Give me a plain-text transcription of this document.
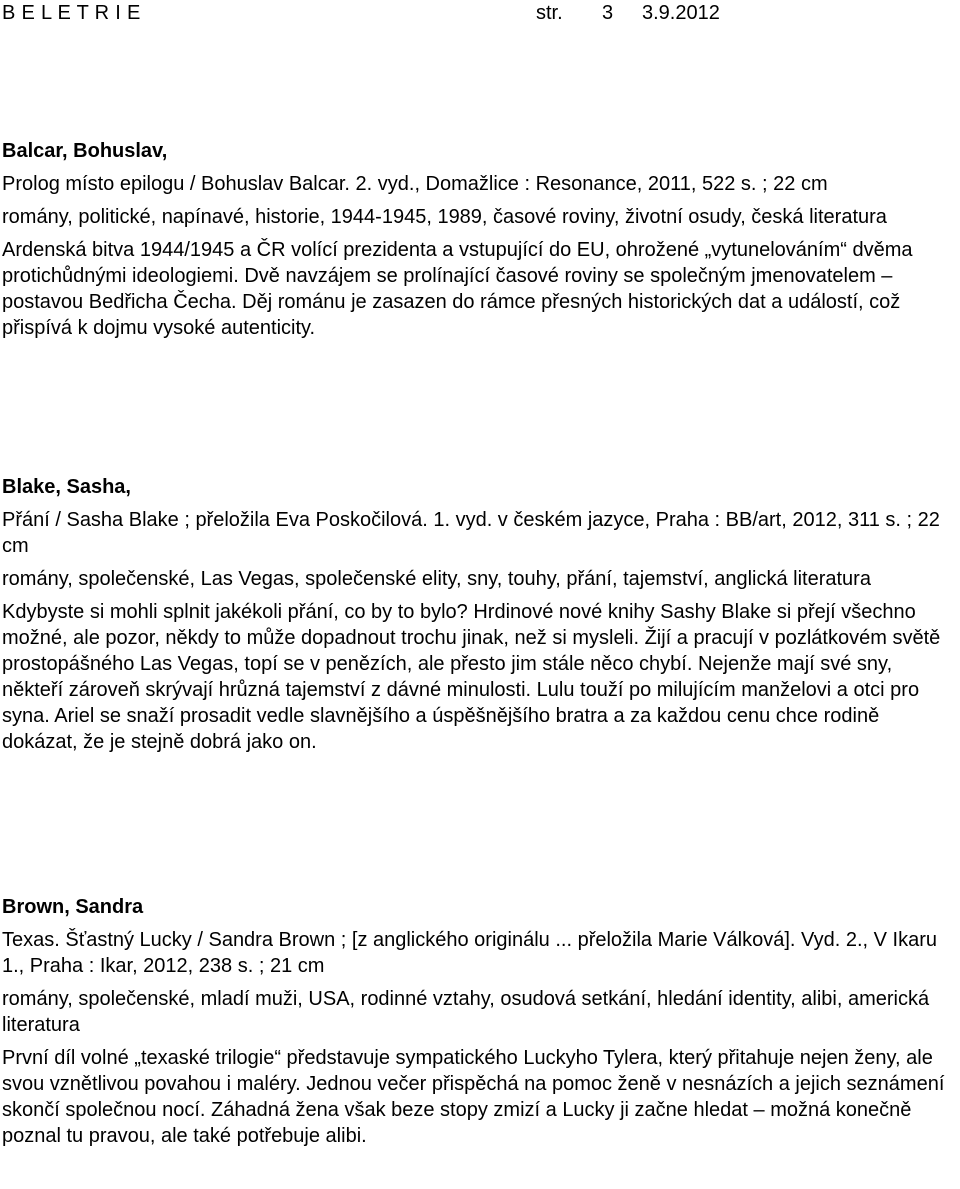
B E L E T R I E

	str.

3

3.9.2012

Balcar, Bohuslav,

Prolog místo epilogu / Bohuslav Balcar. 2. vyd., Domažlice : Resonance, 2011, 522 s. ; 22 cm

romány, politické, napínavé, historie, 1944-1945, 1989, časové roviny, životní osudy, česká literatura

Ardenská bitva 1944/1945 a ČR volící prezidenta a vstupující do EU, ohrožené „vytunelováním“ dvěma protichůdnými ideologiemi. Dvě navzájem se prolínající časové roviny se společným jmenovatelem – postavou Bedřicha Čecha. Děj románu je zasazen do rámce přesných historických dat a událostí, což přispívá k dojmu vysoké autenticity.

Blake, Sasha,

Přání / Sasha Blake ; přeložila Eva Poskočilová. 1. vyd. v českém jazyce, Praha : BB/art, 2012, 311 s. ; 22 cm

romány, společenské, Las Vegas, společenské elity, sny, touhy, přání, tajemství, anglická literatura

Kdybyste si mohli splnit jakékoli přání, co by to bylo? Hrdinové nové knihy Sashy Blake si přejí všechno možné, ale pozor, někdy to může dopadnout trochu jinak, než si mysleli. Žijí a pracují v pozlátkovém světě prostopášného Las Vegas, topí se v penězích, ale přesto jim stále něco chybí. Nejenže mají své sny, někteří zároveň skrývají hrůzná tajemství z dávné minulosti. Lulu touží po milujícím manželovi a otci pro syna. Ariel se snaží prosadit vedle slavnějšího a úspěšnějšího bratra a za každou cenu chce rodině dokázat, že je stejně dobrá jako on.

Brown, Sandra

Texas. Šťastný Lucky / Sandra Brown ; [z anglického originálu ... přeložila Marie Válková]. Vyd. 2., V Ikaru 1., Praha : Ikar, 2012, 238 s. ; 21 cm

romány, společenské, mladí muži, USA, rodinné vztahy, osudová setkání, hledání identity, alibi, americká literatura

První díl volné „texaské trilogie“ představuje sympatického Luckyho Tylera, který přitahuje nejen ženy, ale svou vznětlivou povahou i maléry. Jednou večer přispěchá na pomoc ženě v nesnázích a jejich seznámení skončí společnou nocí. Záhadná žena však beze stopy zmizí a Lucky ji začne hledat – možná konečně poznal tu pravou, ale také potřebuje alibi.
